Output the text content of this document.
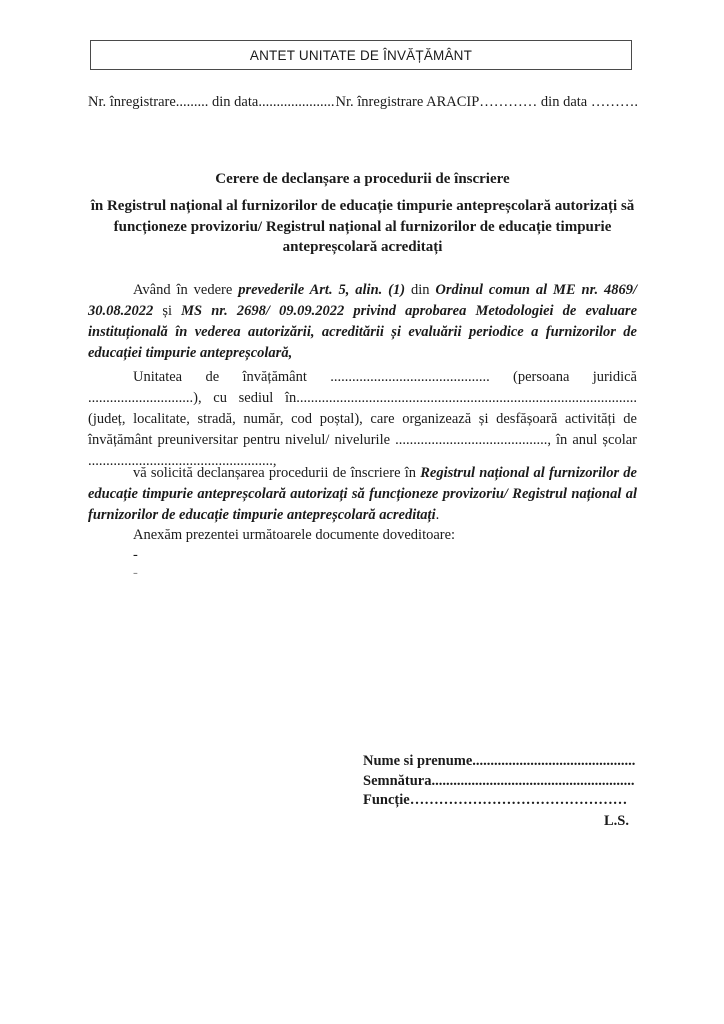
ANTET UNITATE DE ÎNVĂȚĂMÂNT
Nr. înregistrare......... din data..................... Nr. înregistrare ARACIP………… din data ……….
Cerere de declanșare a procedurii de înscriere
în Registrul național al furnizorilor de educație timpurie antepreșcolară autorizați să funcționeze provizoriu/ Registrul național al furnizorilor de educație timpurie antepreșcolară acreditați

Având în vedere prevederile Art. 5, alin. (1) din Ordinul comun al ME nr. 4869/ 30.08.2022 și MS nr. 2698/ 09.09.2022 privind aprobarea Metodologiei de evaluare instituțională în vederea autorizării, acreditării și evaluării periodice a furnizorilor de educației timpurie antepreșcolară,

Unitatea de învățământ ............................................ (persoana juridică .............................), cu sediul în.............................................................................................. (județ, localitate, stradă, număr, cod poștal), care organizează și desfășoară activități de învățământ preuniversitar pentru nivelul/ nivelurile .........................................., în anul școlar ...................................................,

vă solicită declanșarea procedurii de înscriere în Registrul național al furnizorilor de educație timpurie antepreșcolară autorizați să funcționeze provizoriu/ Registrul național al furnizorilor de educație timpurie antepreșcolară acreditați.

Anexăm prezentei următoarele documente doveditoare:
-
-
Nume si prenume.............................................
Semnătura........................................................
Funcție………………………………………
L.S.
